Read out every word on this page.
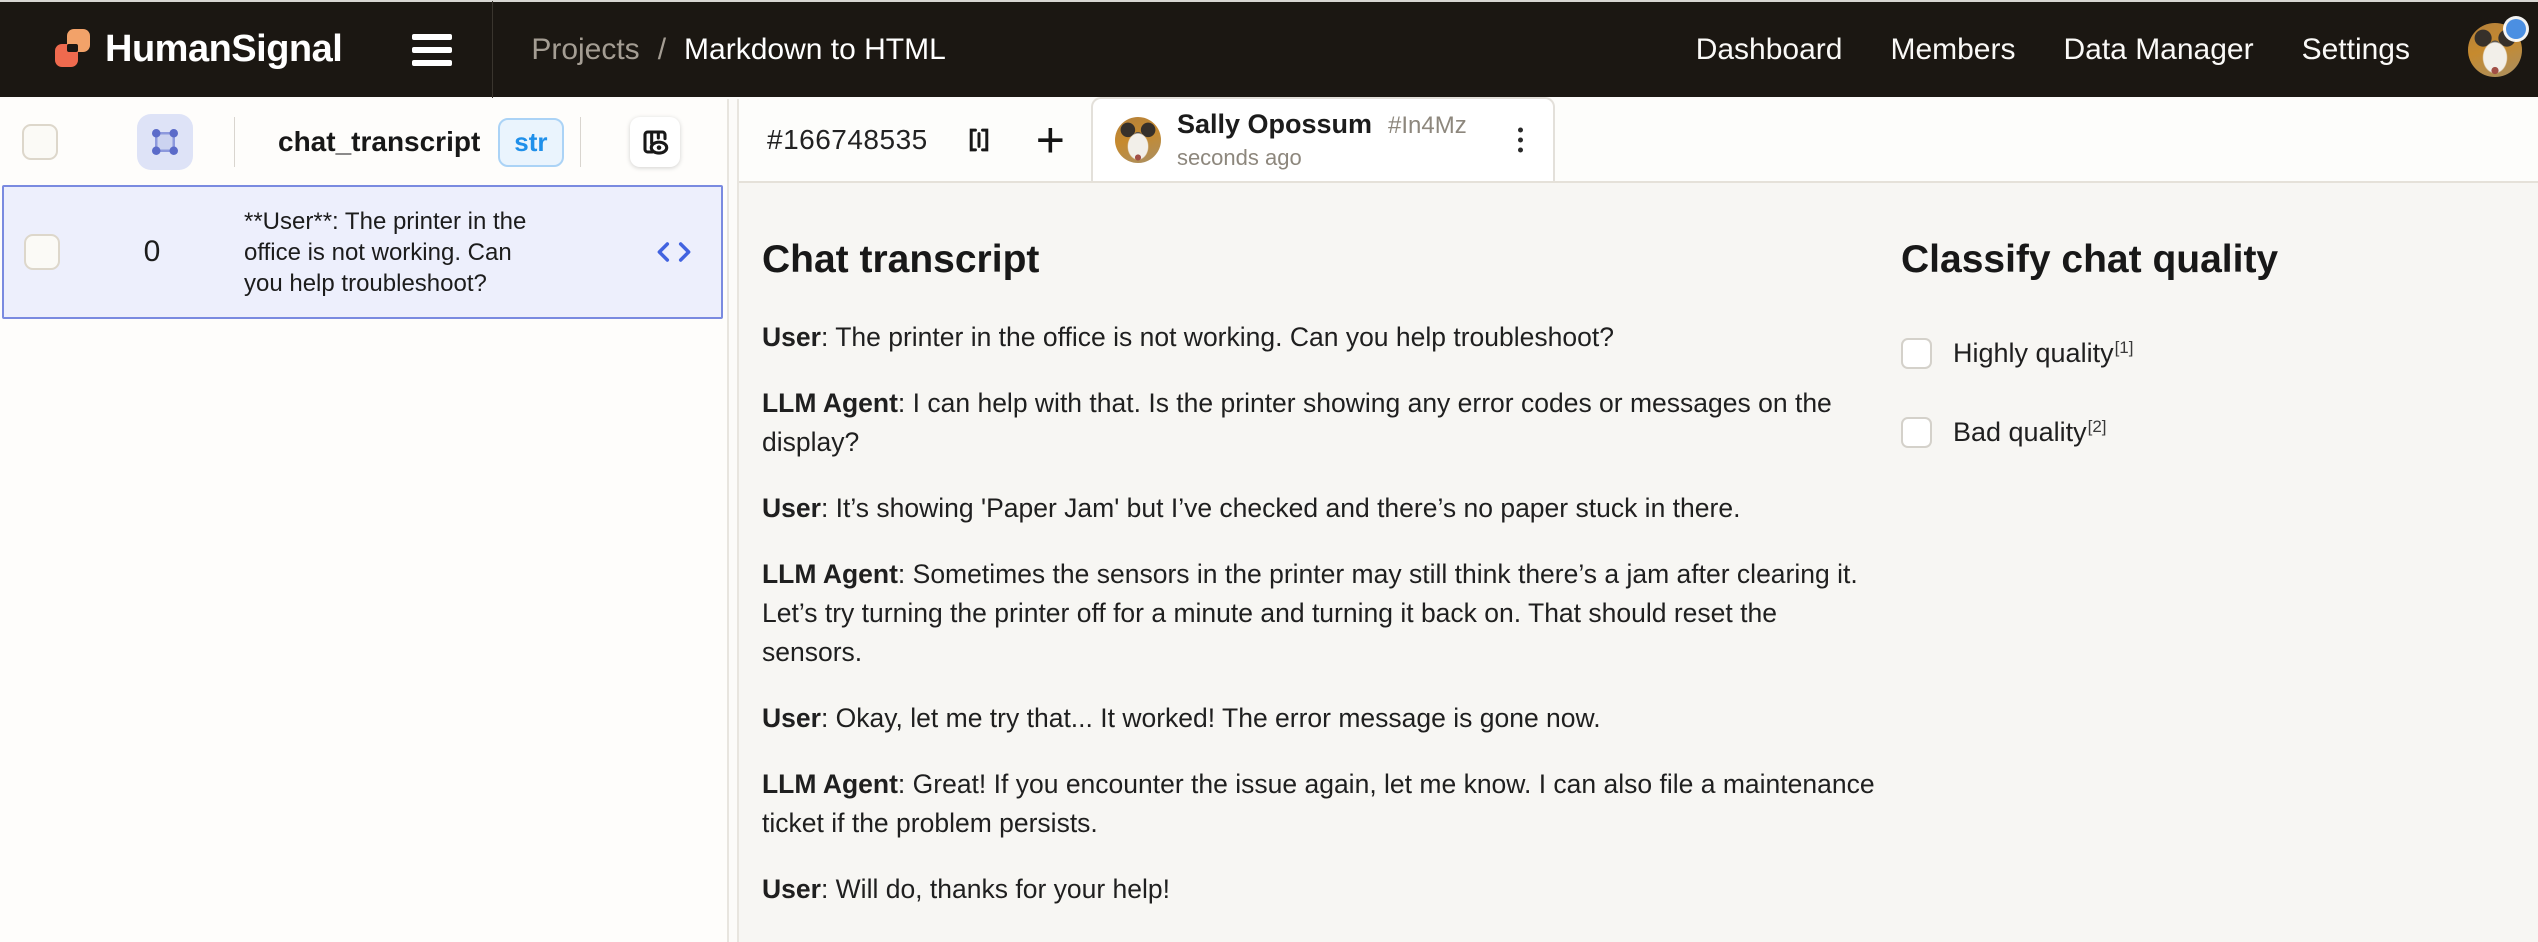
HumanSignal	Projects / Markdown to HTML	Dashboard Members Data Manager Settings
chat_transcript	str
0
**User**: The printer in the office is not working. Can you help troubleshoot?
#166748535 +	Sally Opossum #In4Mz
seconds ago
Chat transcript

User: The printer in the office is not working. Can you help troubleshoot?

LLM Agent: I can help with that. Is the printer showing any error codes or messages on the display?

User: It’s showing 'Paper Jam' but I’ve checked and there’s no paper stuck in there.

LLM Agent: Sometimes the sensors in the printer may still think there’s a jam after clearing it. Let’s try turning the printer off for a minute and turning it back on. That should reset the sensors.

User: Okay, let me try that... It worked! The error message is gone now.

LLM Agent: Great! If you encounter the issue again, let me know. I can also file a maintenance ticket if the problem persists.

User: Will do, thanks for your help!

Classify chat quality
Highly quality[1]
Bad quality[2]
